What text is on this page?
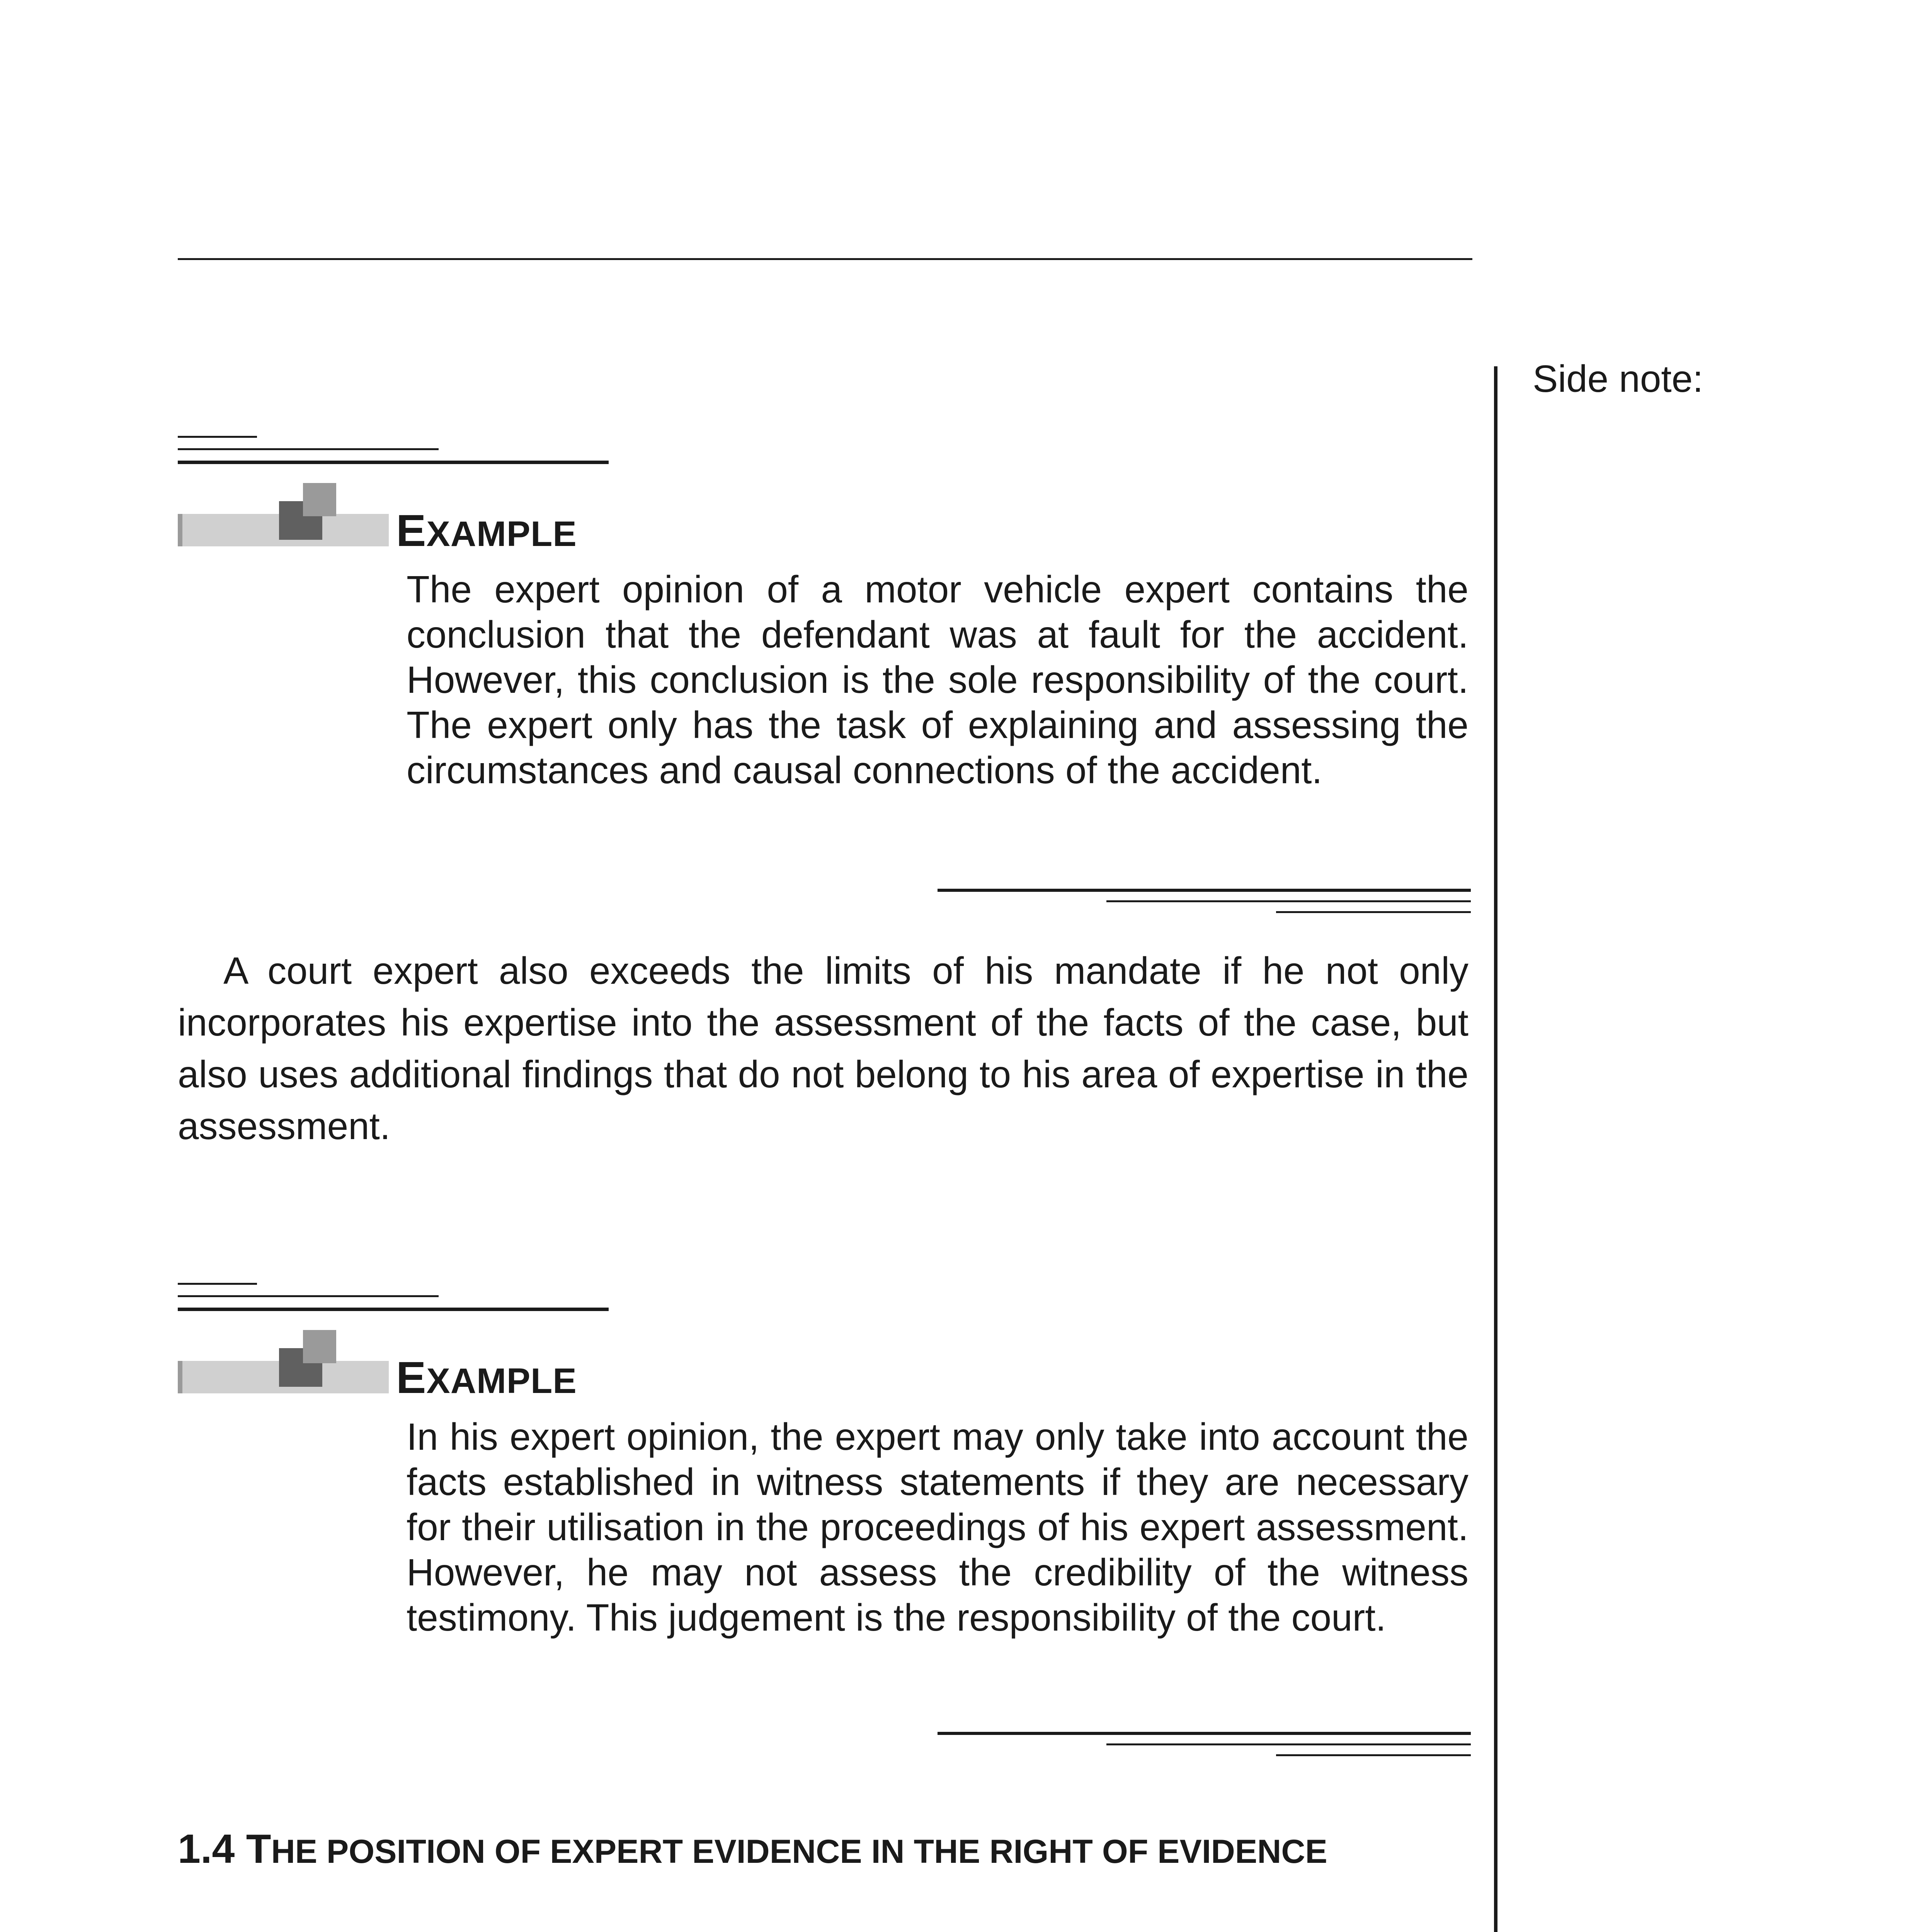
Side note:
EXAMPLE
The expert opinion of a motor vehicle expert contains the conclusion that the defendant was at fault for the accident. However, this conclusion is the sole responsibility of the court. The expert only has the task of explaining and assessing the circumstances and causal connections of the accident.
A court expert also exceeds the limits of his mandate if he not only incorporates his expertise into the assessment of the facts of the case, but also uses additional findings that do not belong to his area of expertise in the assessment.
EXAMPLE
In his expert opinion, the expert may only take into account the facts established in witness statements if they are necessary for their utilisation in the proceedings of his expert assessment. However, he may not assess the credibility of the witness testimony. This judgement is the responsibility of the court.
1.4 THE POSITION OF EXPERT EVIDENCE IN THE RIGHT OF EVIDENCE
